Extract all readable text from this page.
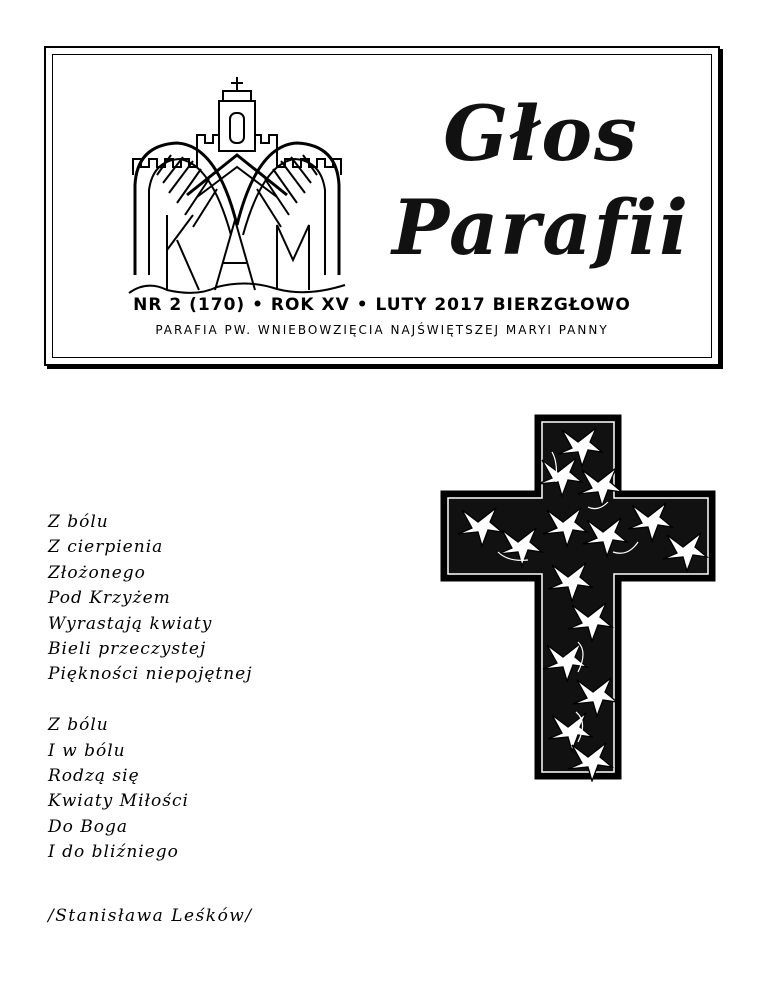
Głos
Parafii
NR 2 (170) • ROK XV • LUTY 2017 BIERZGŁOWO
PARAFIA PW. WNIEBOWZIĘCIA NAJŚWIĘTSZEJ MARYI PANNY
Z bólu
Z cierpienia
Złożonego
Pod Krzyżem
Wyrastają kwiaty
Bieli przeczystej
Piękności niepojętnej
Z bólu
I w bólu
Rodzą się
Kwiaty Miłości
Do Boga
I do bliźniego
/Stanisława Leśków/
